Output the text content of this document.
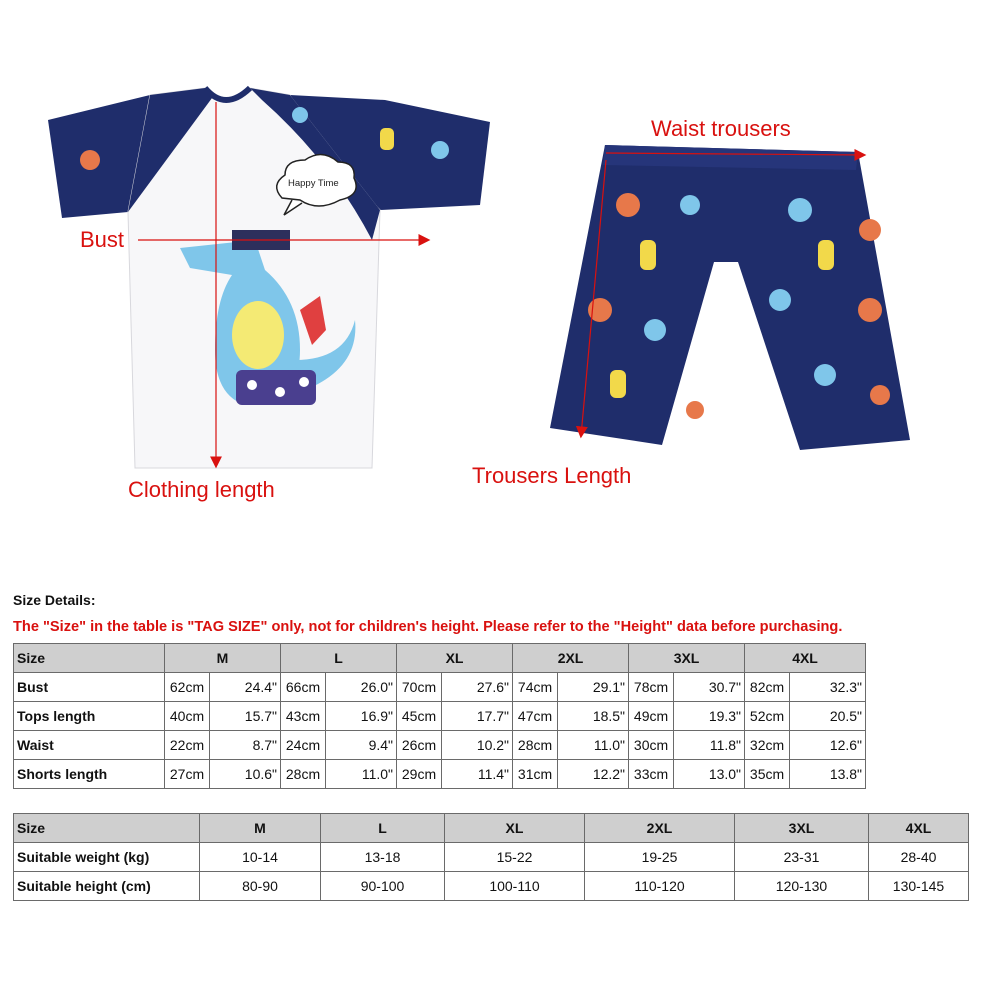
Happy Time
Bust
Clothing length
Waist trousers
Trousers Length
Size Details:
The "Size" in the table is "TAG SIZE" only, not for children's height. Please refer to the "Height" data before purchasing.
Size	M		L		XL		2XL		3XL		4XL	
Bust	62cm	24.4"	66cm	26.0"	70cm	27.6"	74cm	29.1"	78cm	30.7"	82cm	32.3"
Tops length	40cm	15.7"	43cm	16.9"	45cm	17.7"	47cm	18.5"	49cm	19.3"	52cm	20.5"
Waist	22cm	8.7"	24cm	9.4"	26cm	10.2"	28cm	11.0"	30cm	11.8"	32cm	12.6"
Shorts length	27cm	10.6"	28cm	11.0"	29cm	11.4"	31cm	12.2"	33cm	13.0"	35cm	13.8"
Size	M	L	XL	2XL	3XL	4XL
Suitable weight (kg)	10-14	13-18	15-22	19-25	23-31	28-40
Suitable height (cm)	80-90	90-100	100-110	110-120	120-130	130-145
